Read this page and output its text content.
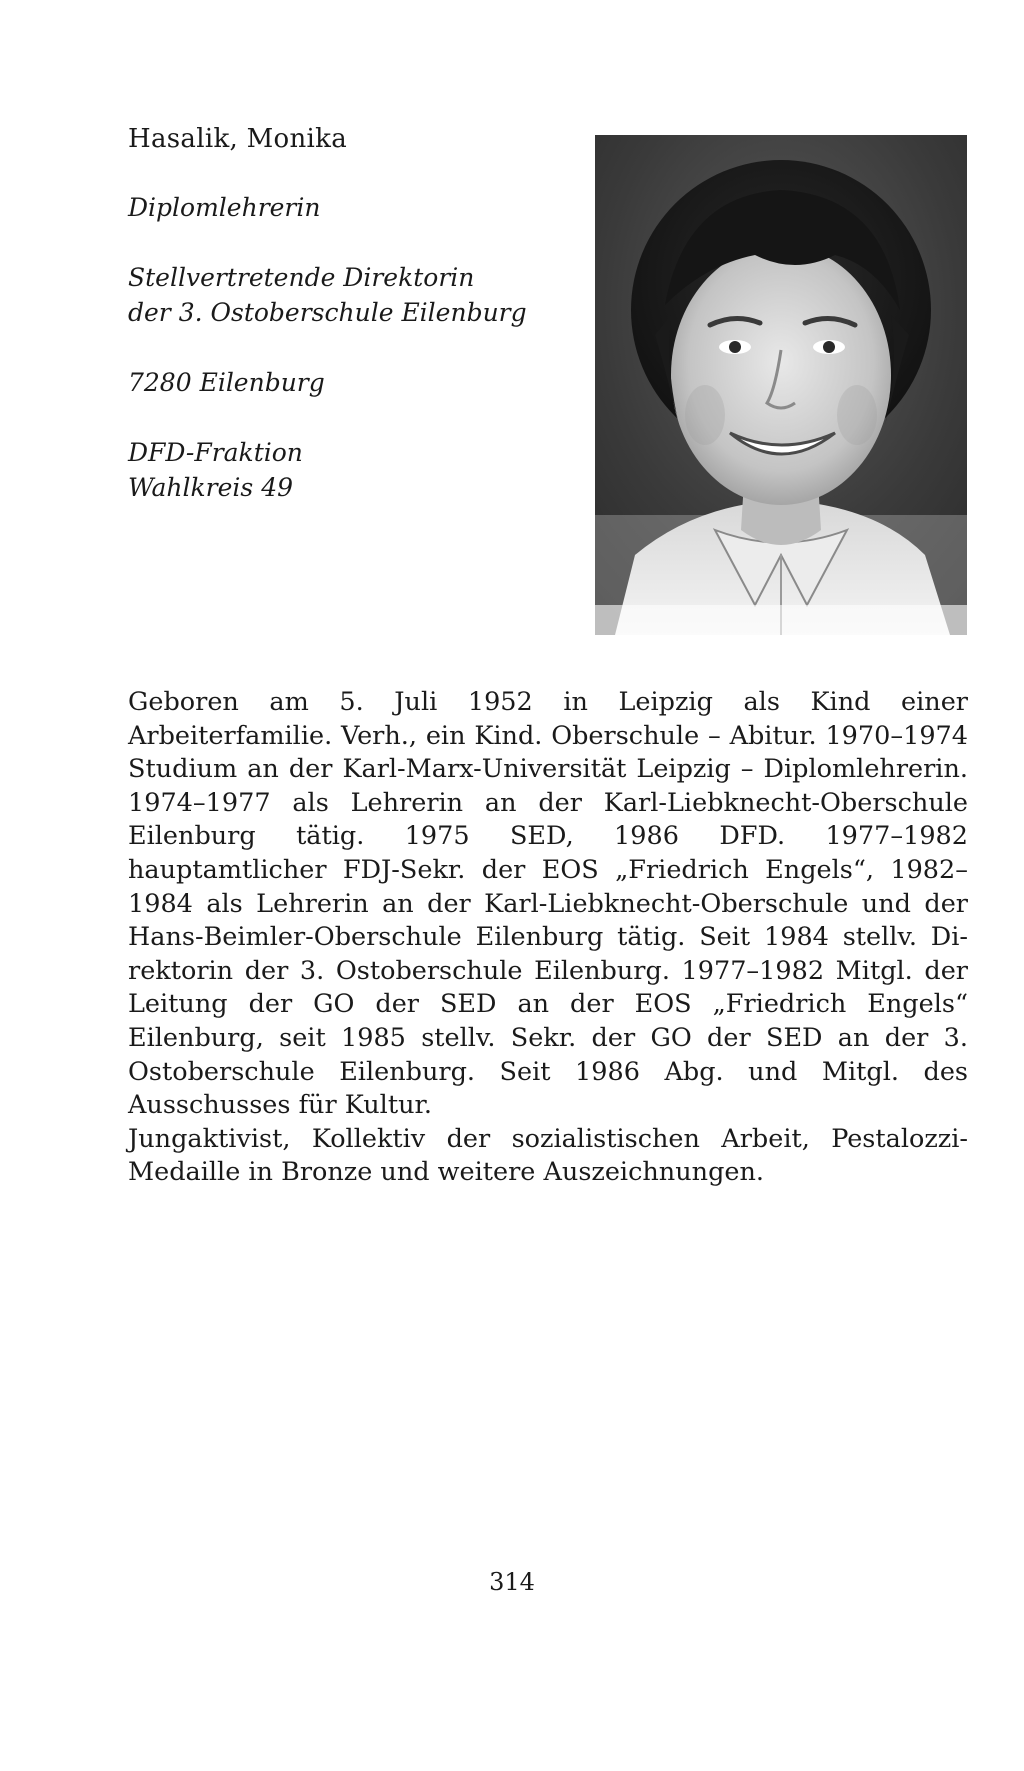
Hasalik, Monika
Diplomlehrerin
Stellvertretende Direktorin
der 3. Ostoberschule Eilenburg
7280 Eilenburg
DFD-Fraktion
Wahlkreis 49

Geboren am 5. Juli 1952 in Leipzig als Kind einer Arbeiterfamilie. Verh., ein Kind. Oberschule – Abitur. 1970–1974 Studium an der Karl-Marx-Universität Leipzig – Diplomlehrerin. 1974–1977 als Lehrerin an der Karl-Liebknecht-Oberschule Eilenburg tätig. 1975 SED, 1986 DFD. 1977–1982 hauptamtlicher FDJ-Sekr. der EOS „Friedrich Engels“, 1982–1984 als Lehrerin an der Karl-Liebknecht-Oberschule und der Hans-Beimler-Oberschule Eilenburg tätig. Seit 1984 stellv. Direktorin der 3. Ostoberschule Eilenburg. 1977–1982 Mitgl. der Leitung der GO der SED an der EOS „Friedrich Engels“ Eilenburg, seit 1985 stellv. Sekr. der GO der SED an der 3. Ostoberschule Eilenburg. Seit 1986 Abg. und Mitgl. des Ausschusses für Kultur.

Jungaktivist, Kollektiv der sozialistischen Arbeit, Pestalozzi-Medaille in Bronze und weitere Auszeichnungen.

314
